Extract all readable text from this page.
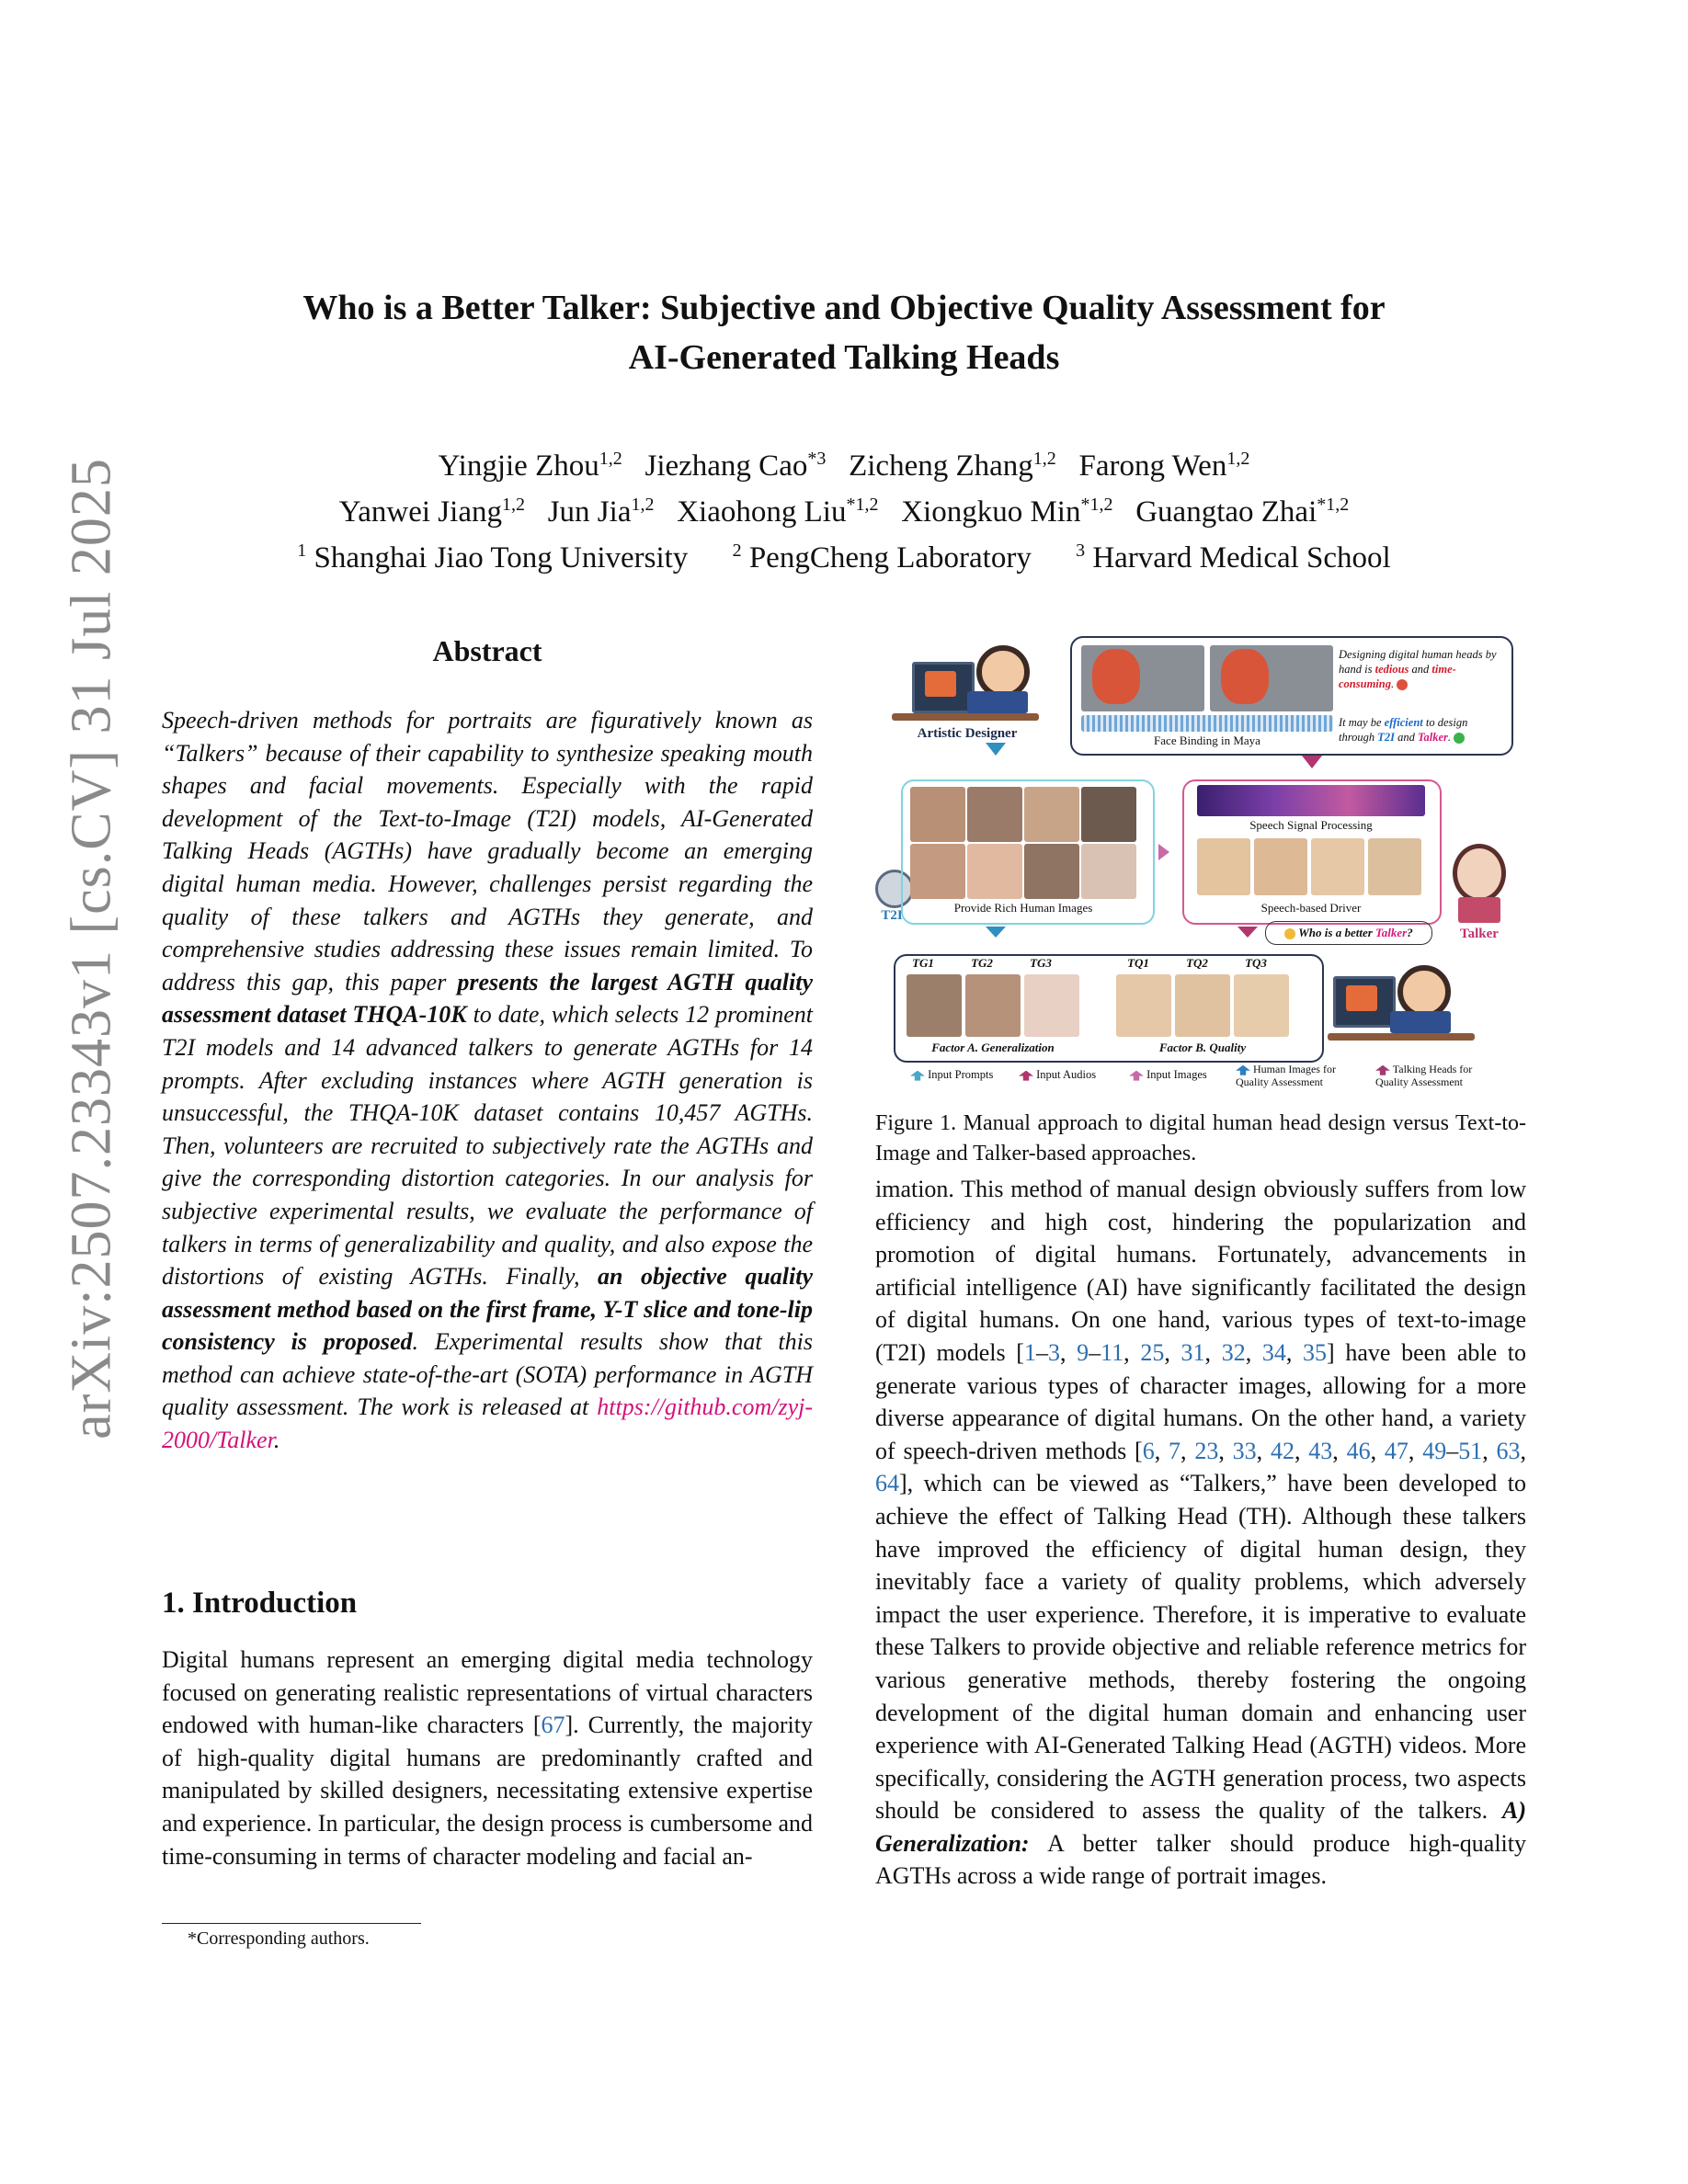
Who is a Better Talker: Subjective and Objective Quality Assessment for
AI-Generated Talking Heads
Yingjie Zhou$^{1,2}$ Jiezhang Cao$^{*3}$ Zicheng Zhang$^{1,2}$ Farong Wen$^{1,2}$
Yanwei Jiang$^{1,2}$ Jun Jia$^{1,2}$ Xiaohong Liu$^{*1,2}$ Xiongkuo Min$^{*1,2}$ Guangtao Zhai$^{*1,2}$
$^1$ Shanghai Jiao Tong University $^2$ PengCheng Laboratory $^3$ Harvard Medical School
arXiv:2507.23343v1 [cs.CV] 31 Jul 2025	Abstract
Speech-driven methods for portraits are figuratively known as “Talkers” because of their capability to synthesize speaking mouth shapes and facial movements. Especially with the rapid development of the Text-to-Image (T2I) models, AI-Generated Talking Heads (AGTHs) have gradually become an emerging digital human media. However, challenges persist regarding the quality of these talkers and AGTHs they generate, and comprehensive studies addressing these issues remain limited. To address this gap, this paper presents the largest AGTH quality assessment dataset THQA-10K to date, which selects 12 prominent T2I models and 14 advanced talkers to generate AGTHs for 14 prompts. After excluding instances where AGTH generation is unsuccessful, the THQA-10K dataset contains 10,457 AGTHs. Then, volunteers are recruited to subjectively rate the AGTHs and give the corresponding distortion categories. In our analysis for subjective experimental results, we evaluate the performance of talkers in terms of generalizability and quality, and also expose the distortions of existing AGTHs. Finally, an objective quality assessment method based on the first frame, Y-T slice and tone-lip consistency is proposed. Experimental results show that this method can achieve state-of-the-art (SOTA) performance in AGTH quality assessment. The work is released at https://github.com/zyj-2000/Talker.
1. Introduction
Digital humans represent an emerging digital media technology focused on generating realistic representations of virtual characters endowed with human-like characters [67]. Currently, the majority of high-quality digital humans are predominantly crafted and manipulated by skilled designers, necessitating extensive expertise and experience. In particular, the design process is cumbersome and time-consuming in terms of character modeling and facial an-
*Corresponding authors.
Artistic Designer	Face Binding in Maya
Designing digital human heads by hand is tedious and time-consuming.
It may be efficient to design through T2I and Talker.
T2I
Provide Rich Human Images
Speech Signal Processing
Speech-based Driver
Talker
Who is a better Talker?
TG1	TG2	TG3	TQ1	TQ2	TQ3
Factor A. Generalization	Factor B. Quality
Input Prompts	Input Audios	Input Images	Human Images for Quality Assessment
Talking Heads for Quality Assessment
Figure 1. Manual approach to digital human head design versus Text-to-Image and Talker-based approaches.
imation. This method of manual design obviously suffers from low efficiency and high cost, hindering the popularization and promotion of digital humans. Fortunately, advancements in artificial intelligence (AI) have significantly facilitated the design of digital humans. On one hand, various types of text-to-image (T2I) models [1–3, 9–11, 25, 31, 32, 34, 35] have been able to generate various types of character images, allowing for a more diverse appearance of digital humans. On the other hand, a variety of speech-driven methods [6, 7, 23, 33, 42, 43, 46, 47, 49–51, 63, 64], which can be viewed as “Talkers,” have been developed to achieve the effect of Talking Head (TH). Although these talkers have improved the efficiency of digital human design, they inevitably face a variety of quality problems, which adversely impact the user experience. Therefore, it is imperative to evaluate these Talkers to provide objective and reliable reference metrics for various generative methods, thereby fostering the ongoing development of the digital human domain and enhancing user experience with AI-Generated Talking Head (AGTH) videos. More specifically, considering the AGTH generation process, two aspects should be considered to assess the quality of the talkers. A) Generalization: A better talker should produce high-quality AGTHs across a wide range of portrait images.
